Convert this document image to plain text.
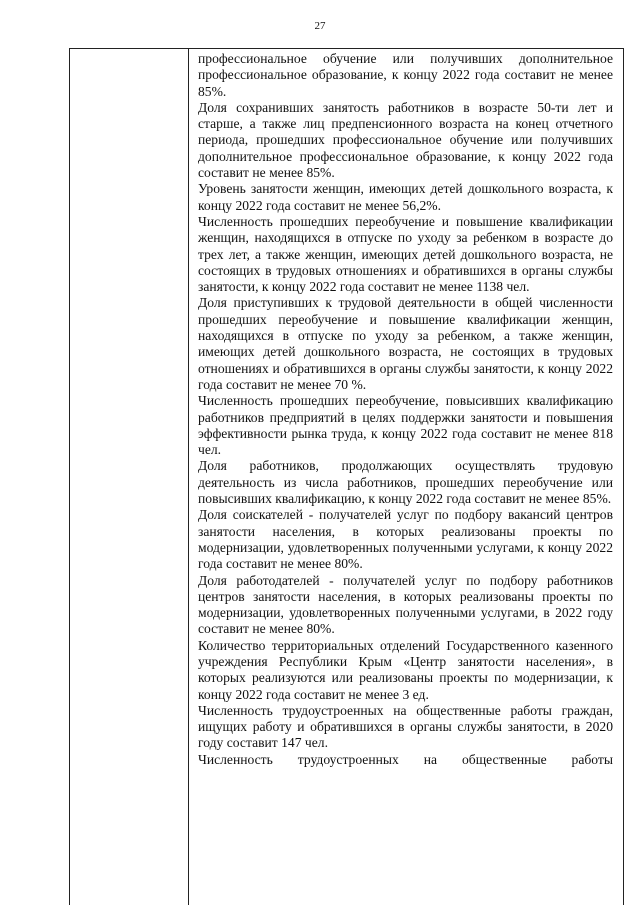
27

профессиональное обучение или получивших дополнительное профессиональное образование, к концу 2022 года составит не менее 85%.

Доля сохранивших занятость работников в возрасте 50-ти лет и старше, а также лиц предпенсионного возраста на конец отчетного периода, прошедших профессиональное обучение или получивших дополнительное профессиональное образование, к концу 2022 года составит не менее 85%.

Уровень занятости женщин, имеющих детей дошкольного возраста, к концу 2022 года составит не менее 56,2%.

Численность прошедших переобучение и повышение квалификации женщин, находящихся в отпуске по уходу за ребенком в возрасте до трех лет, а также женщин, имеющих детей дошкольного возраста, не состоящих в трудовых отношениях и обратившихся в органы службы занятости, к концу 2022 года составит не менее 1138 чел.

Доля приступивших к трудовой деятельности в общей численности прошедших переобучение и повышение квалификации женщин, находящихся в отпуске по уходу за ребенком, а также женщин, имеющих детей дошкольного возраста, не состоящих в трудовых отношениях и обратившихся в органы службы занятости, к концу 2022 года составит не менее 70 %.

Численность прошедших переобучение, повысивших квалификацию работников предприятий в целях поддержки занятости и повышения эффективности рынка труда, к концу 2022 года составит не менее 818 чел.

Доля работников, продолжающих осуществлять трудовую деятельность из числа работников, прошедших переобучение или повысивших квалификацию, к концу 2022 года составит не менее 85%.

Доля соискателей - получателей услуг по подбору вакансий центров занятости населения, в которых реализованы проекты по модернизации, удовлетворенных полученными услугами, к концу 2022 года составит не менее 80%.

Доля работодателей - получателей услуг по подбору работников центров занятости населения, в которых реализованы проекты по модернизации, удовлетворенных полученными услугами, в 2022 году составит не менее 80%.

Количество территориальных отделений Государственного казенного учреждения Республики Крым «Центр занятости населения», в которых реализуются или реализованы проекты по модернизации, к концу 2022 года составит не менее 3 ед.

Численность трудоустроенных на общественные работы граждан, ищущих работу и обратившихся в органы службы занятости, в 2020 году составит 147 чел.

Численность трудоустроенных на общественные работы
